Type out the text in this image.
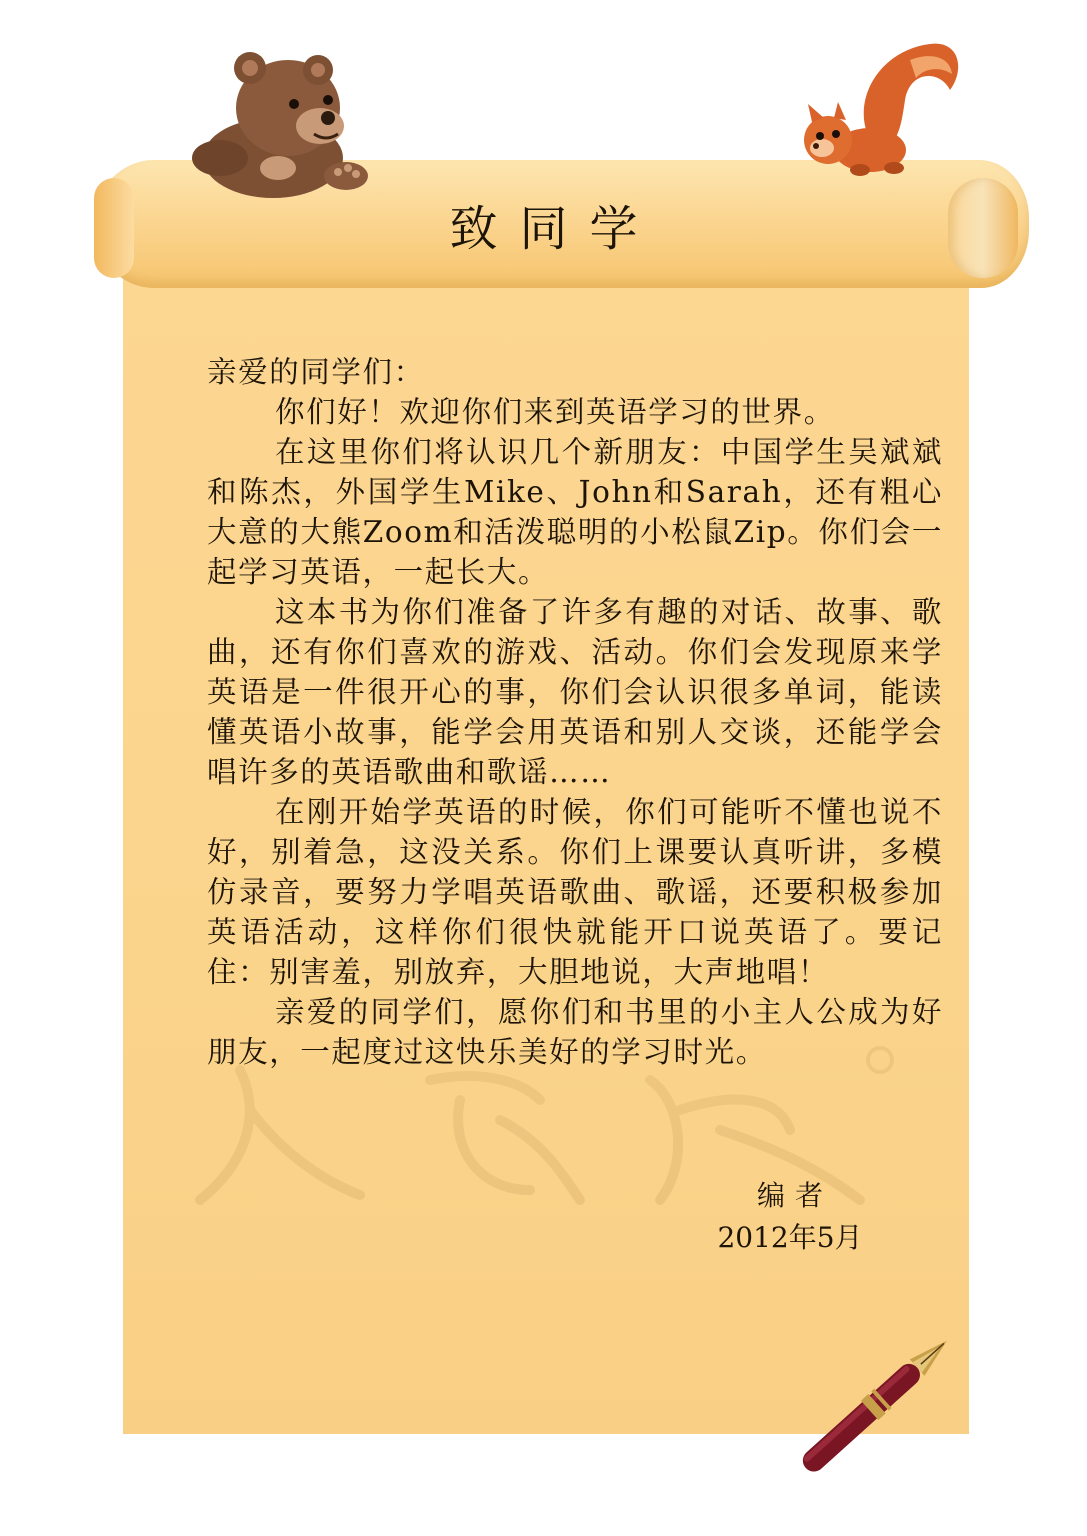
致同学

亲爱的同学们：

你们好！欢迎你们来到英语学习的世界。

在这里你们将认识几个新朋友：中国学生吴斌斌和陈杰，外国学生Mike、John和Sarah，还有粗心大意的大熊Zoom和活泼聪明的小松鼠Zip。你们会一起学习英语，一起长大。

这本书为你们准备了许多有趣的对话、故事、歌曲，还有你们喜欢的游戏、活动。你们会发现原来学英语是一件很开心的事，你们会认识很多单词，能读懂英语小故事，能学会用英语和别人交谈，还能学会唱许多的英语歌曲和歌谣……

在刚开始学英语的时候，你们可能听不懂也说不好，别着急，这没关系。你们上课要认真听讲，多模仿录音，要努力学唱英语歌曲、歌谣，还要积极参加英语活动，这样你们很快就能开口说英语了。要记住：别害羞，别放弃，大胆地说，大声地唱！

亲爱的同学们，愿你们和书里的小主人公成为好朋友，一起度过这快乐美好的学习时光。

编者
2012年5月
